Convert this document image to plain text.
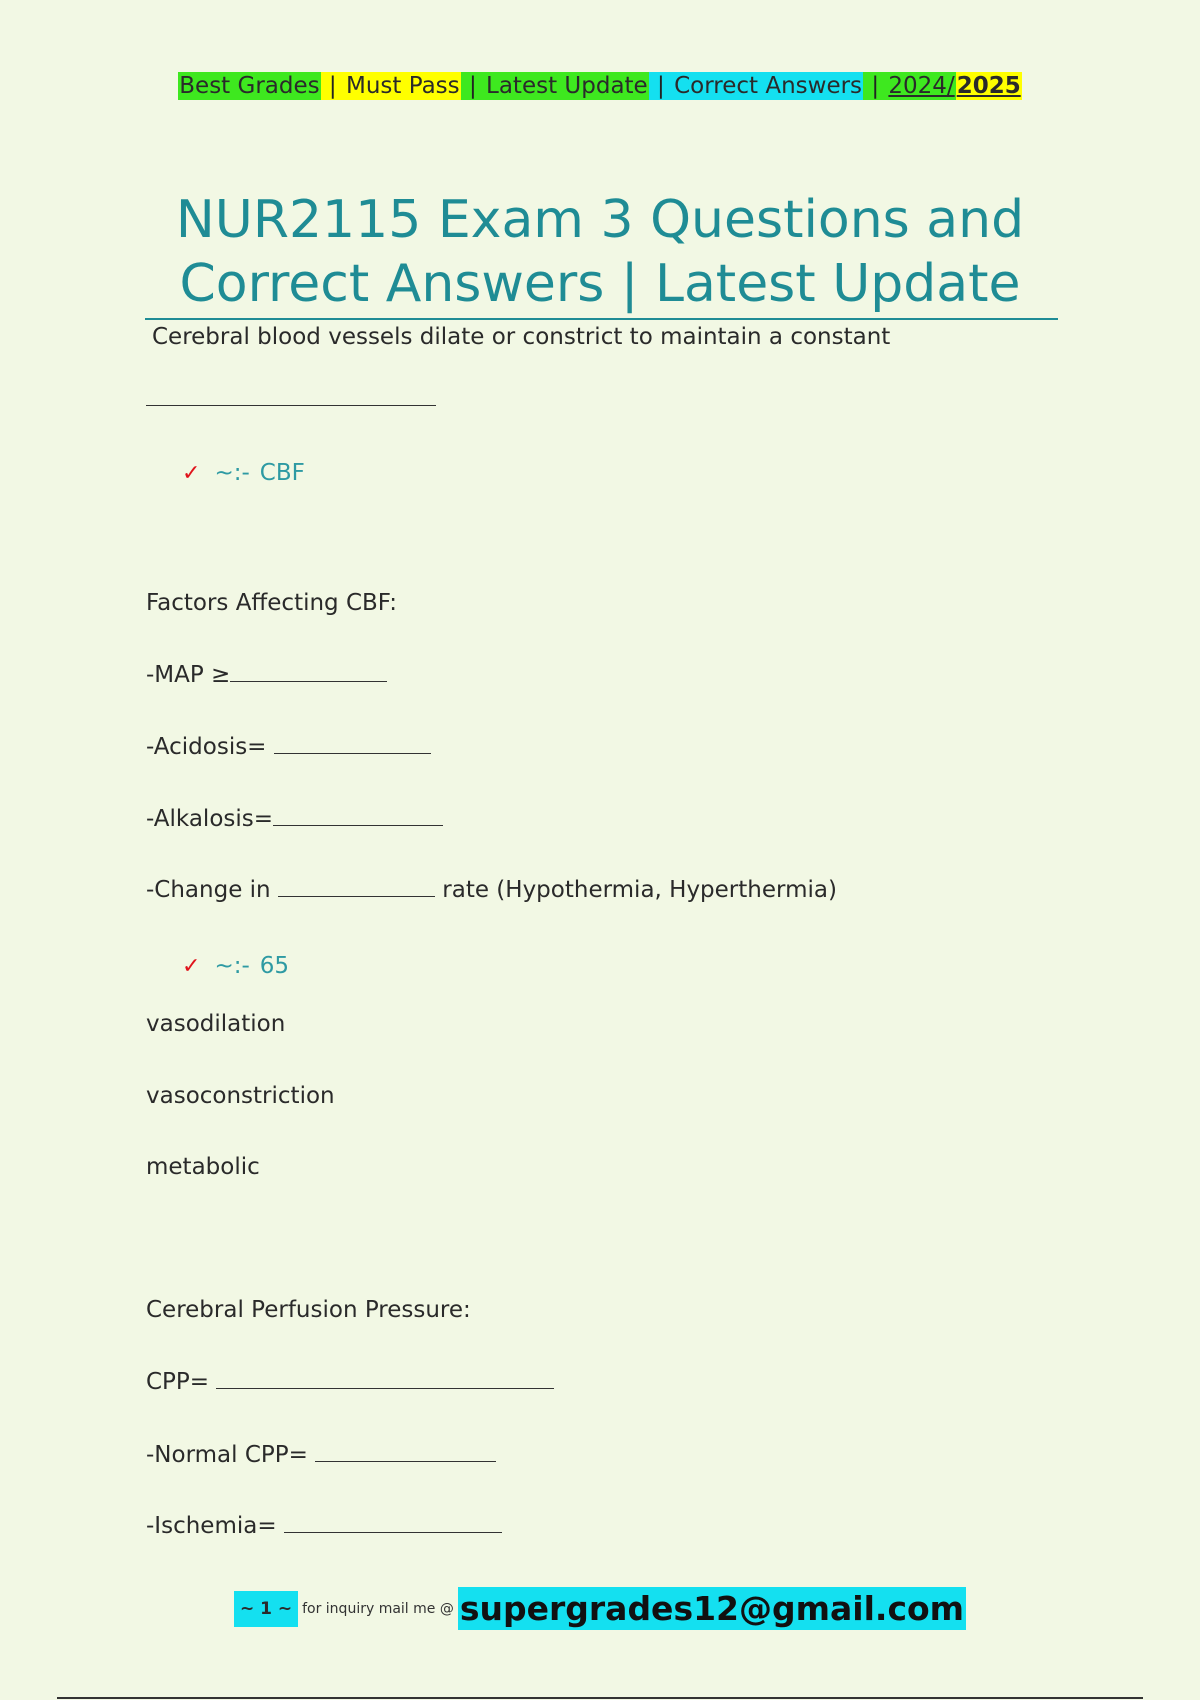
Best Grades | Must Pass | Latest Update | Correct Answers | 2024/2025
NUR2115 Exam 3 Questions and
Correct Answers | Latest Update
Cerebral blood vessels dilate or constrict to maintain a constant
✓ ~:- CBF
Factors Affecting CBF:
-MAP ≥
-Acidosis=
-Alkalosis=
-Change in	rate (Hypothermia, Hyperthermia)
✓ ~:- 65
vasodilation
vasoconstriction
metabolic
Cerebral Perfusion Pressure:
CPP=
-Normal CPP=
-Ischemia=
~ 1 ~ for inquiry mail me @ supergrades12@gmail.com
